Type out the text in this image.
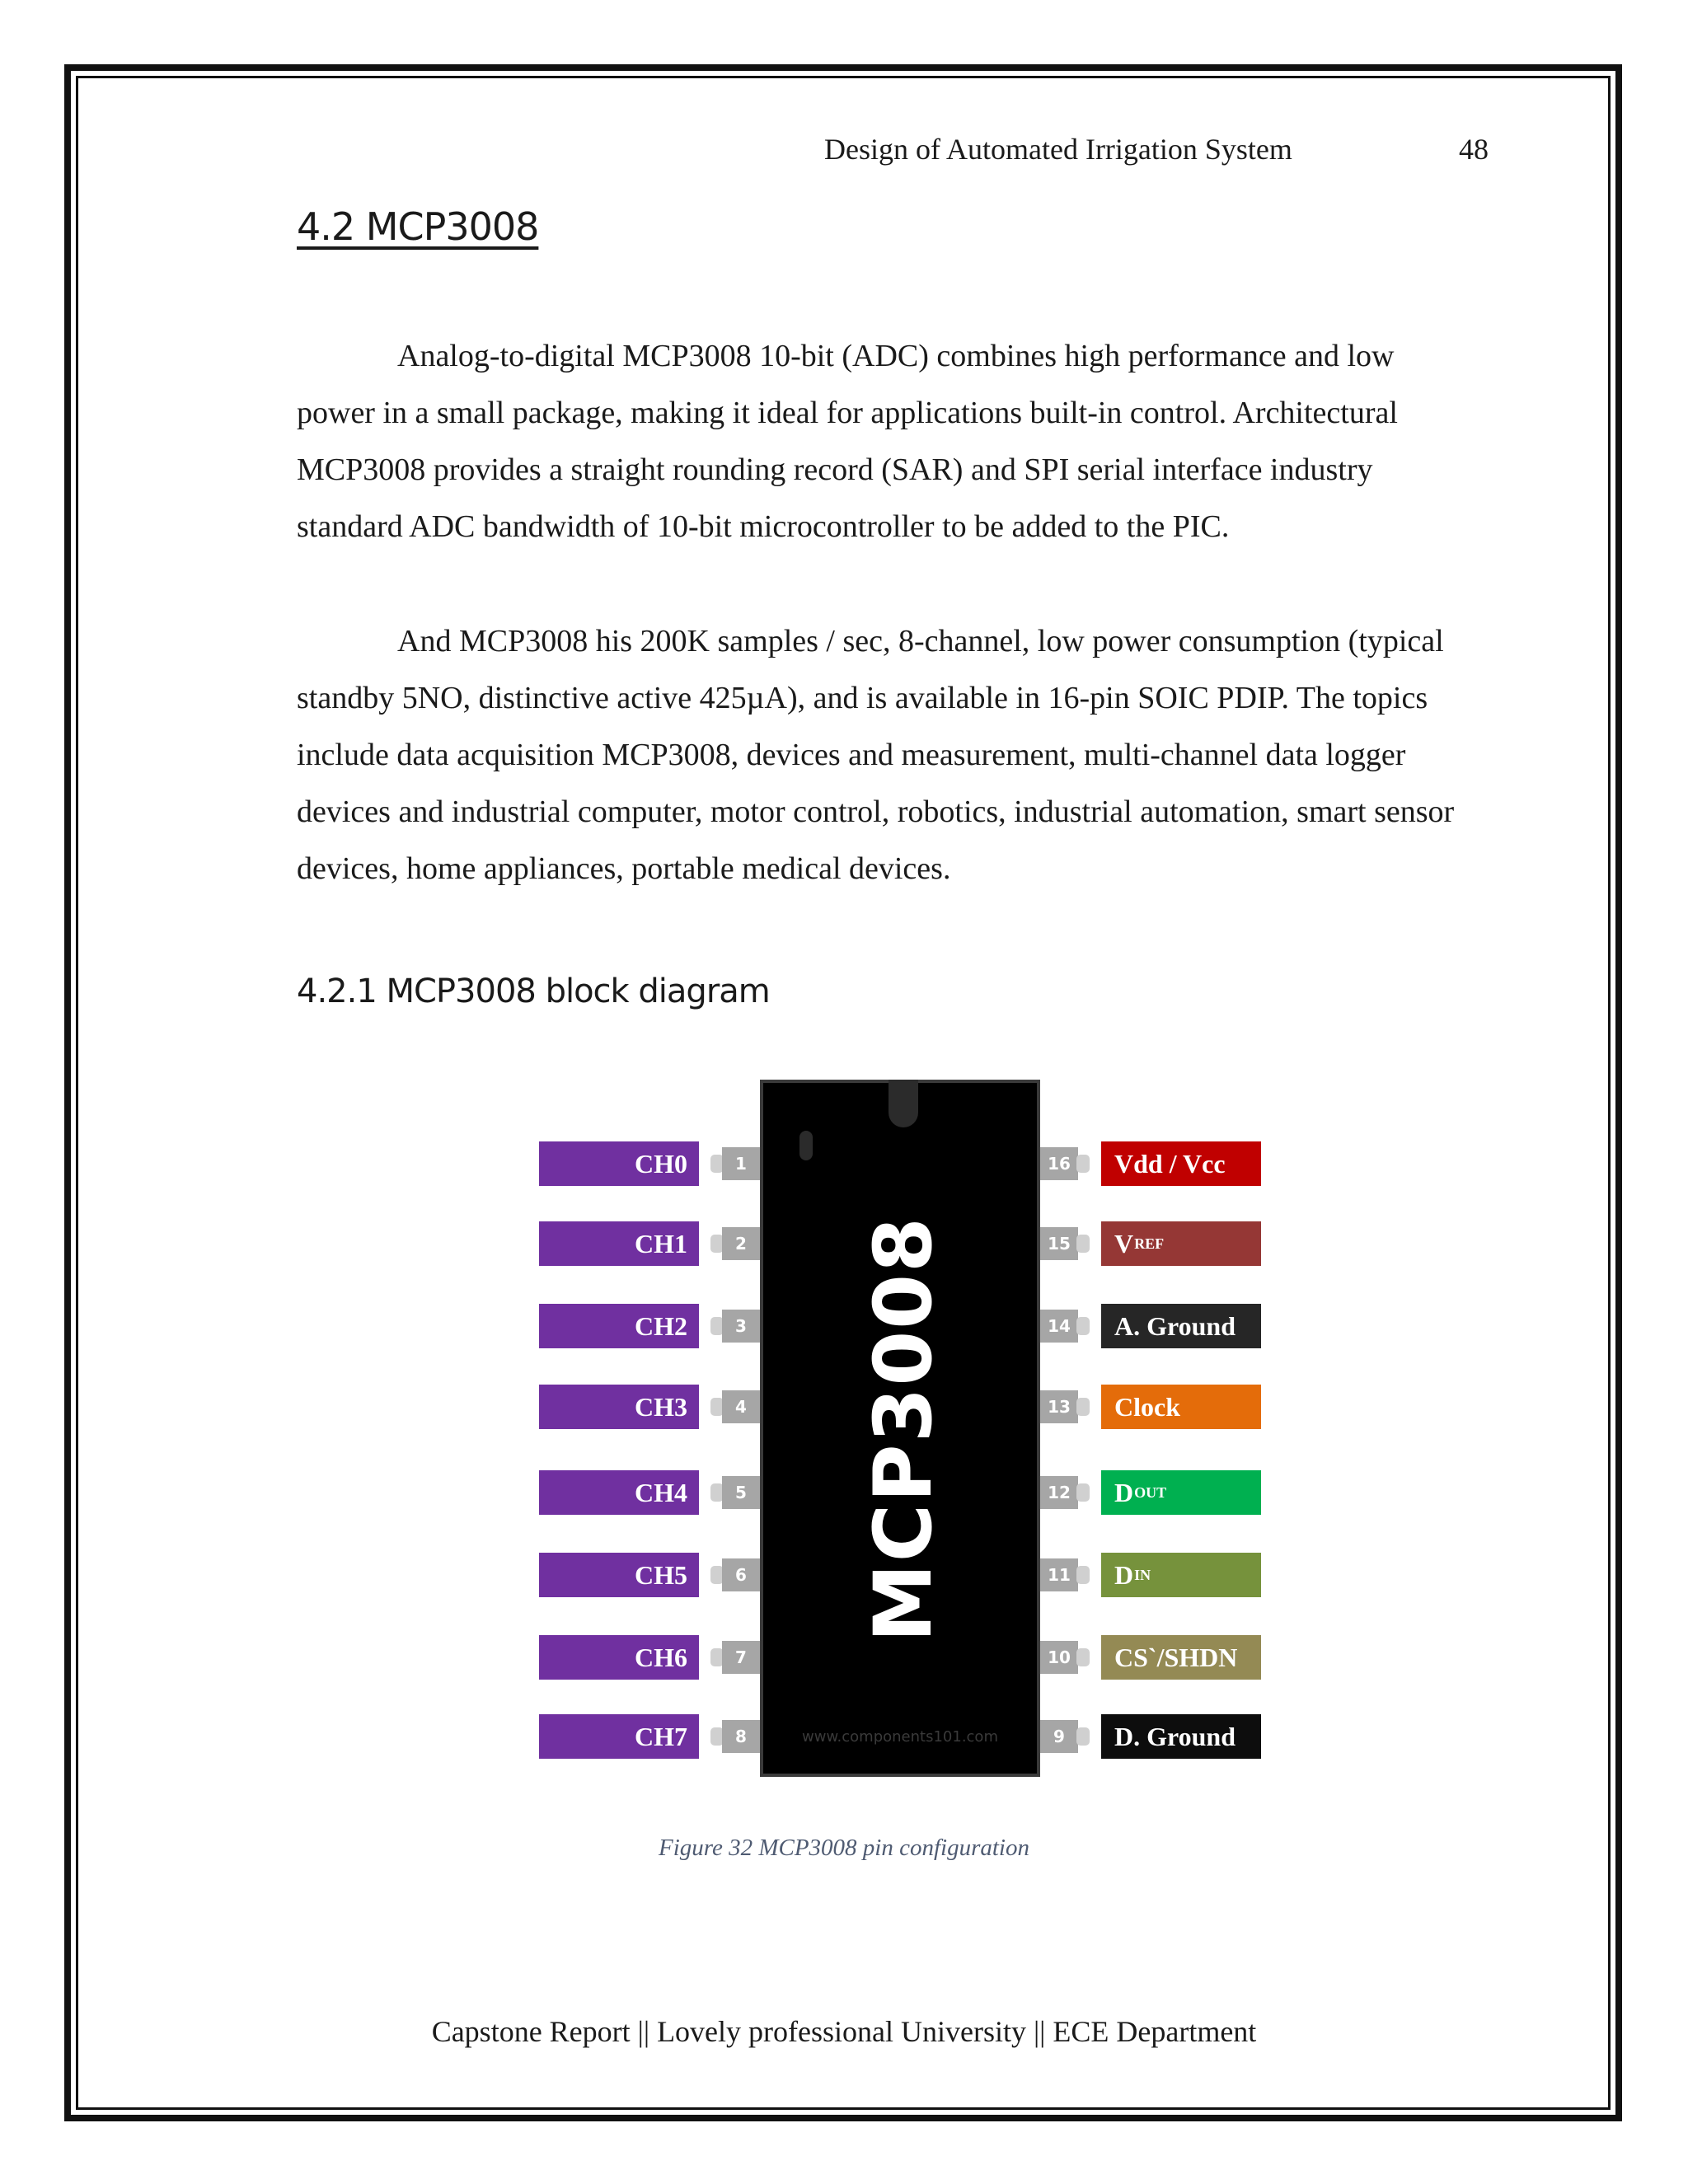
Design of Automated Irrigation System	48
4.2 MCP3008

Analog-to-digital MCP3008 10-bit (ADC) combines high performance and low power in a small package, making it ideal for applications built-in control. Architectural MCP3008 provides a straight rounding record (SAR) and SPI serial interface industry standard ADC bandwidth of 10-bit microcontroller to be added to the PIC.

And MCP3008 his 200K samples / sec, 8-channel, low power consumption (typical standby 5NO, distinctive active 425µA), and is available in 16-pin SOIC PDIP. The topics include data acquisition MCP3008, devices and measurement, multi-channel data logger devices and industrial computer, motor control, robotics, industrial automation, smart sensor devices, home appliances, portable medical devices.

4.2.1 MCP3008 block diagram
MCP3008
www.components101.com
CH0	1
CH1	2
CH2	3
CH3	4
CH4	5
CH5	6
CH6	7
CH7	8
16 Vdd / Vcc
15 V REF
14 A. Ground
13 Clock
12 D OUT
11 D IN
10 CS`/SHDN
9	D. Ground
Figure 32 MCP3008 pin configuration
Capstone Report || Lovely professional University || ECE Department
